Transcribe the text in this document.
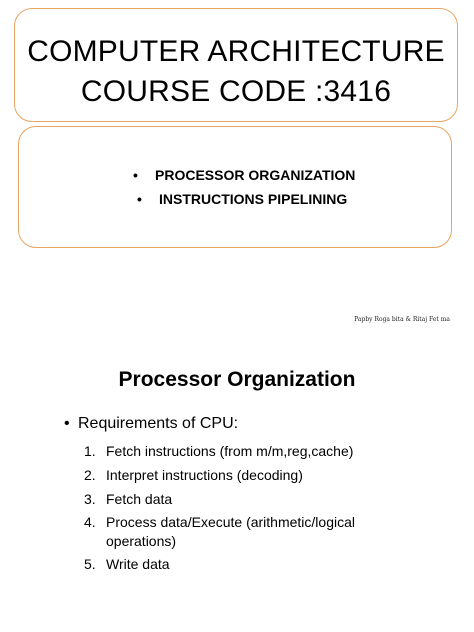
COMPUTER ARCHITECTURE
COURSE CODE :3416
• PROCESSOR ORGANIZATION
• INSTRUCTIONS PIPELINING
Papby Roga bita & Ritaj Fet ma
Processor Organization
• Requirements of CPU:
1. Fetch instructions (from m/m,reg,cache)
2. Interpret instructions (decoding)
3. Fetch data
4. Process data/Execute (arithmetic/logical
operations)
5. Write data
